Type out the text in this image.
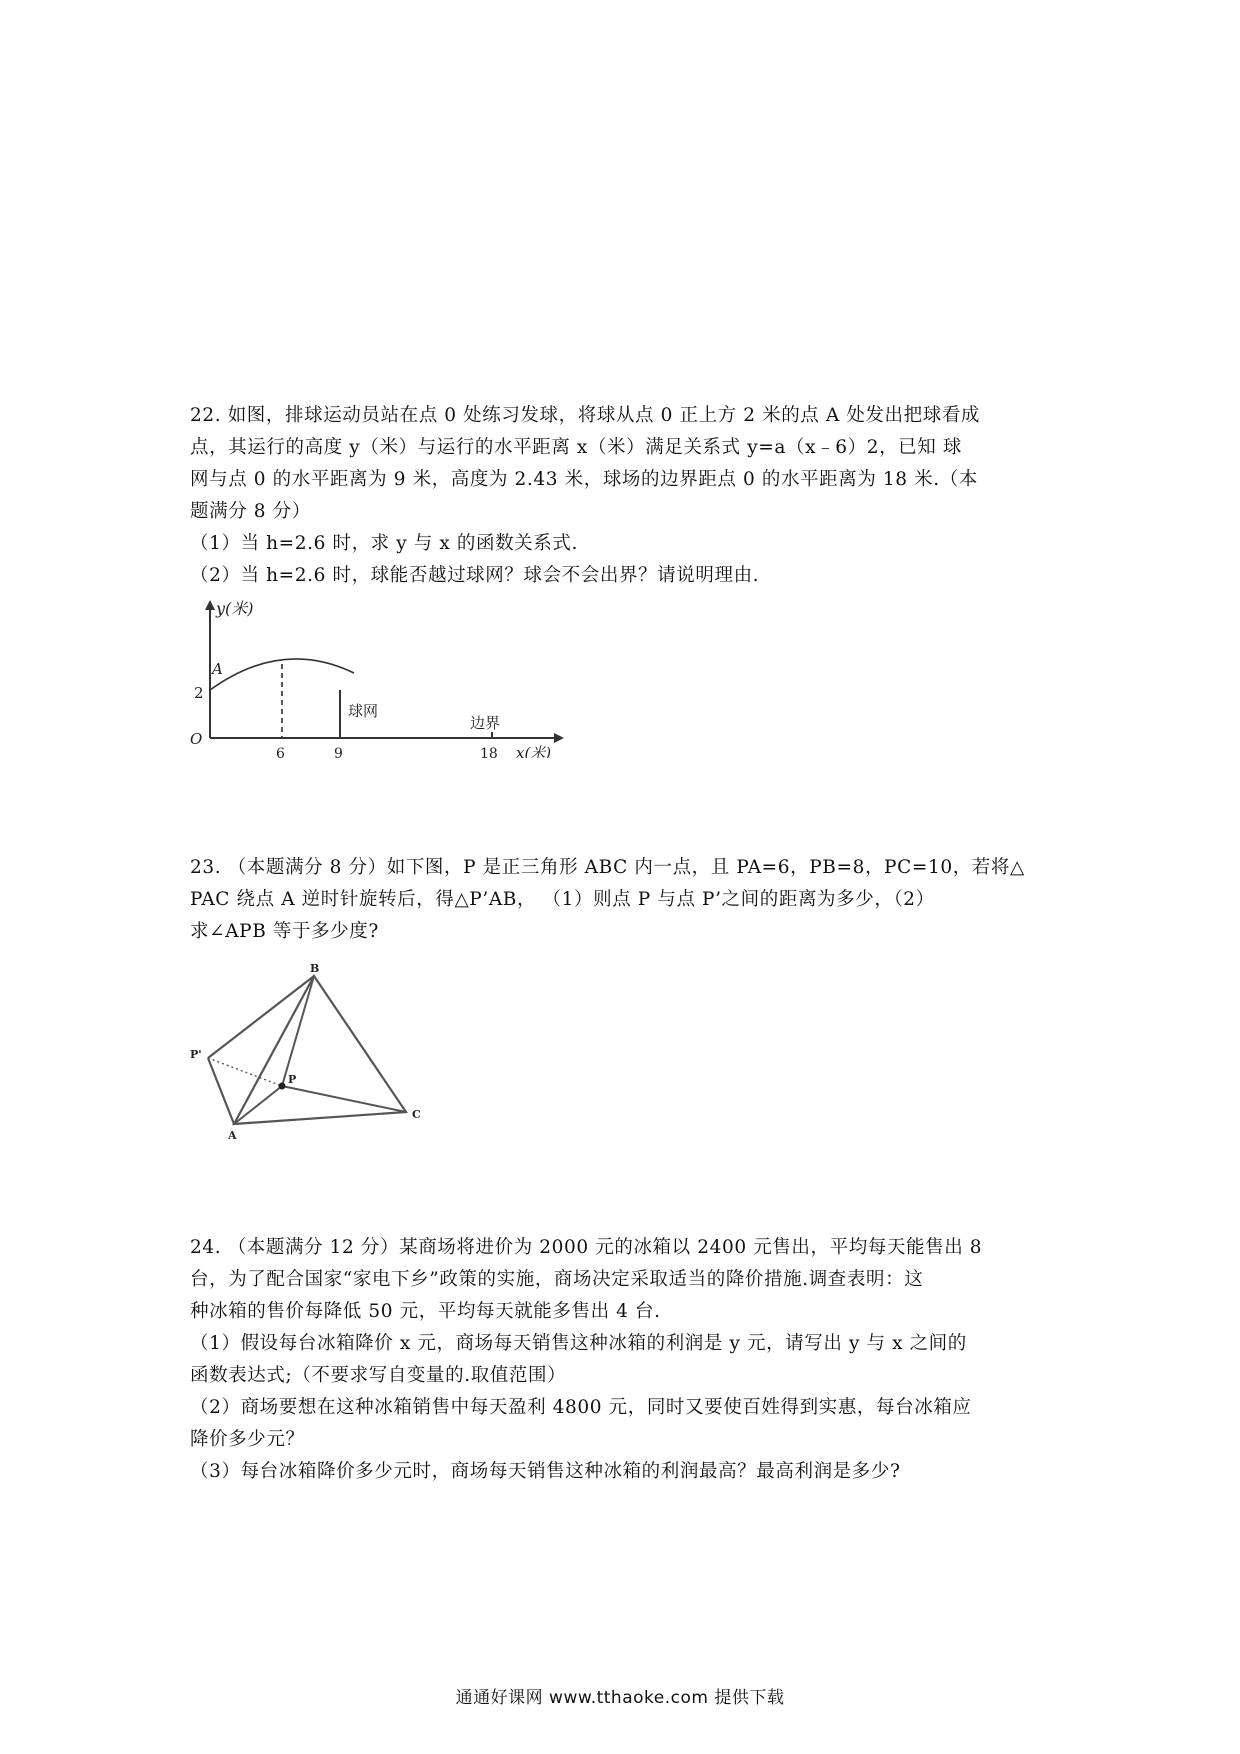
22. 如图，排球运动员站在点 0 处练习发球，将球从点 0 正上方 2 米的点 A 处发出把球看成

点，其运行的高度 y（米）与运行的水平距离 x（米）满足关系式 y=a（x﹣6）2，已知 球

网与点 0 的水平距离为 9 米，高度为 2.43 米，球场的边界距点 0 的水平距离为 18 米.（本

题满分 8 分）

（1）当 h=2.6 时，求 y 与 x 的函数关系式.

（2）当 h=2.6 时，球能否越过球网？球会不会出界？请说明理由.

y(米)
A
2
O
6	9	18 x(米)
球网
边界

23. （本题满分 8 分）如下图，P 是正三角形 ABC 内一点，且 PA=6，PB=8，PC=10，若将△

PAC 绕点 A 逆时针旋转后，得△P’AB， （1）则点 P 与点 P’之间的距离为多少，（2）

求∠APB 等于多少度?

B
P'
P
A
C

24. （本题满分 12 分）某商场将进价为 2000 元的冰箱以 2400 元售出，平均每天能售出 8

台，为了配合国家“家电下乡”政策的实施，商场决定采取适当的降价措施.调查表明：这

种冰箱的售价每降低 50 元，平均每天就能多售出 4 台.

（1）假设每台冰箱降价 x 元，商场每天销售这种冰箱的利润是 y 元，请写出 y 与 x 之间的

函数表达式;（不要求写自变量的.取值范围）

（2）商场要想在这种冰箱销售中每天盈利 4800 元，同时又要使百姓得到实惠，每台冰箱应

降价多少元？

（3）每台冰箱降价多少元时，商场每天销售这种冰箱的利润最高？最高利润是多少?

通通好课网 www.tthaoke.com 提供下载
